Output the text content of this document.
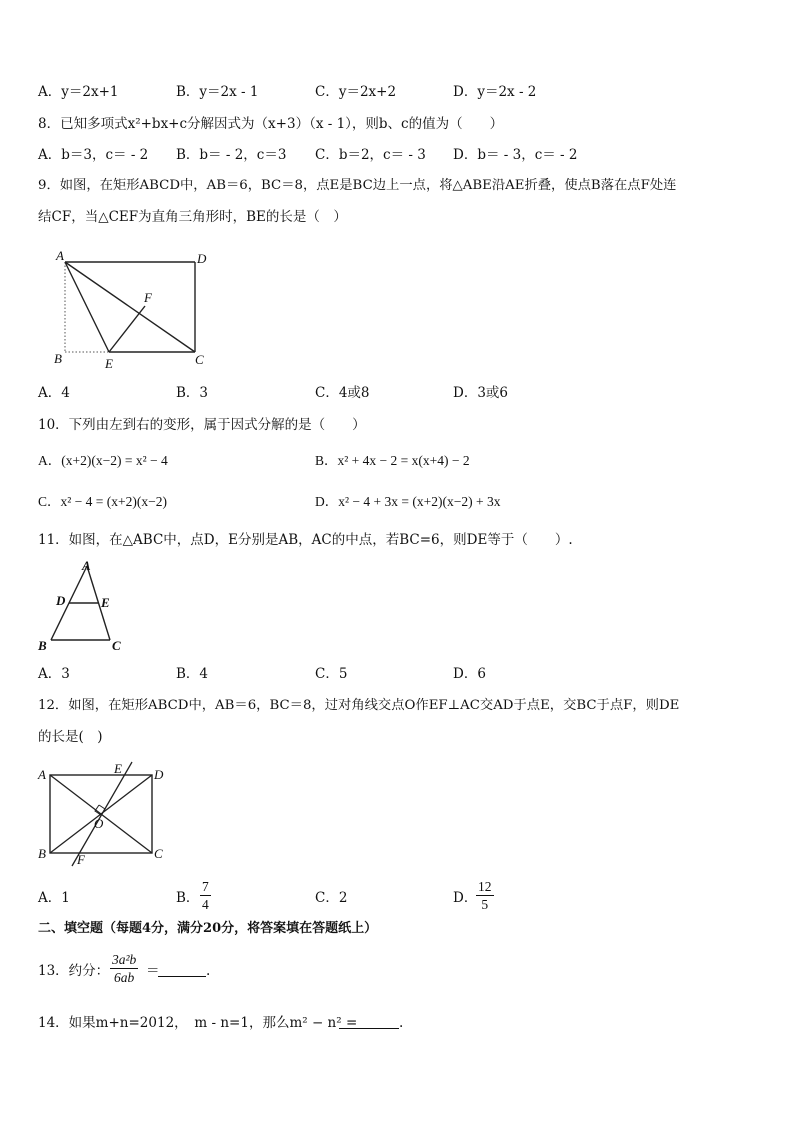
A．y＝2x+1	B．y＝2x - 1	C．y＝2x+2	D．y＝2x - 2
8．已知多项式x²+bx+c分解因式为（x+3）（x - 1），则b、c的值为（　　）
A．b＝3，c＝ - 2 B．b＝ - 2，c＝3 C．b＝2，c＝ - 3 D．b＝ - 3，c＝ - 2
9．如图，在矩形ABCD中，AB＝6，BC＝8，点E是BC边上一点，将△ABE沿AE折叠，使点B落在点F处连
结CF，当△CEF为直角三角形时，BE的长是（　）
A	D
F
B	E	C
A．4	B．3	C．4或8	D．3或6
10．下列由左到右的变形，属于因式分解的是（　　）
A．(x+2)(x−2) = x² − 4	B．x² + 4x − 2 = x(x+4) − 2
C．x² − 4 = (x+2)(x−2)	D．x² − 4 + 3x = (x+2)(x−2) + 3x
11．如图，在△ABC中，点D，E分别是AB，AC的中点，若BC=6，则DE等于（　　）.
A
D	E
B	C
A．3	B．4	C．5	D．6
12．如图，在矩形ABCD中，AB＝6，BC＝8，过对角线交点O作EF⊥AC交AD于点E，交BC于点F，则DE
的长是(　)
A	E D
O
B F	C
A．1	B． $\frac{7}{4}$	C．2	D．
$\frac{12}{5}$
二、填空题（每题4分，满分20分，将答案填在答题纸上）
13．约分： $\frac{\text{3a²b}}{6ab}$ ＝	.
14．如果m+n=2012，　m - n=1，那么m² − n² =	.
